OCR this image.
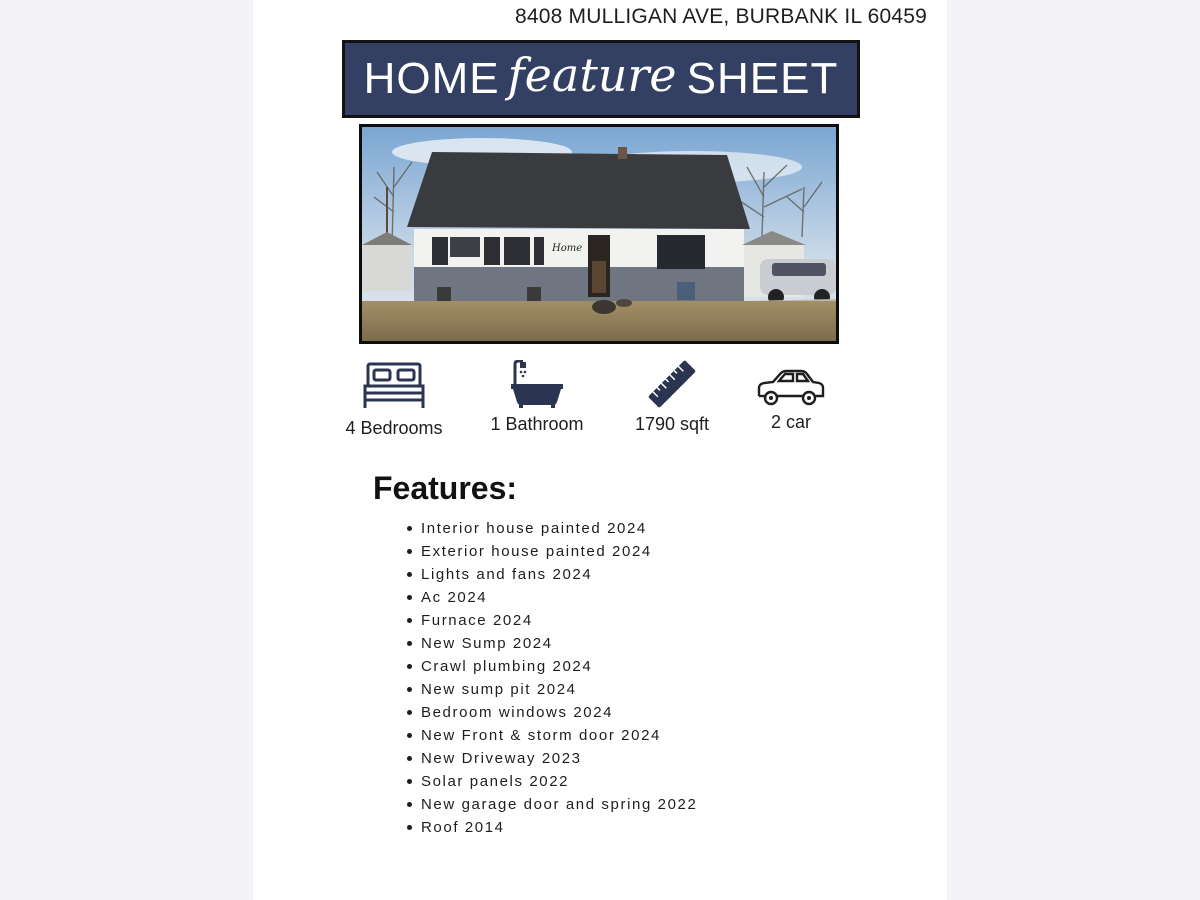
8408 MULLIGAN AVE, BURBANK IL 60459
HOME feature SHEET
Home
4 Bedrooms	1 Bathroom	1790 sqft	2 car
Features:
Interior house painted 2024
Exterior house painted 2024
Lights and fans 2024
Ac 2024
Furnace 2024
New Sump 2024
Crawl plumbing 2024
New sump pit 2024
Bedroom windows 2024
New Front & storm door 2024
New Driveway 2023
Solar panels 2022
New garage door and spring 2022
Roof 2014
